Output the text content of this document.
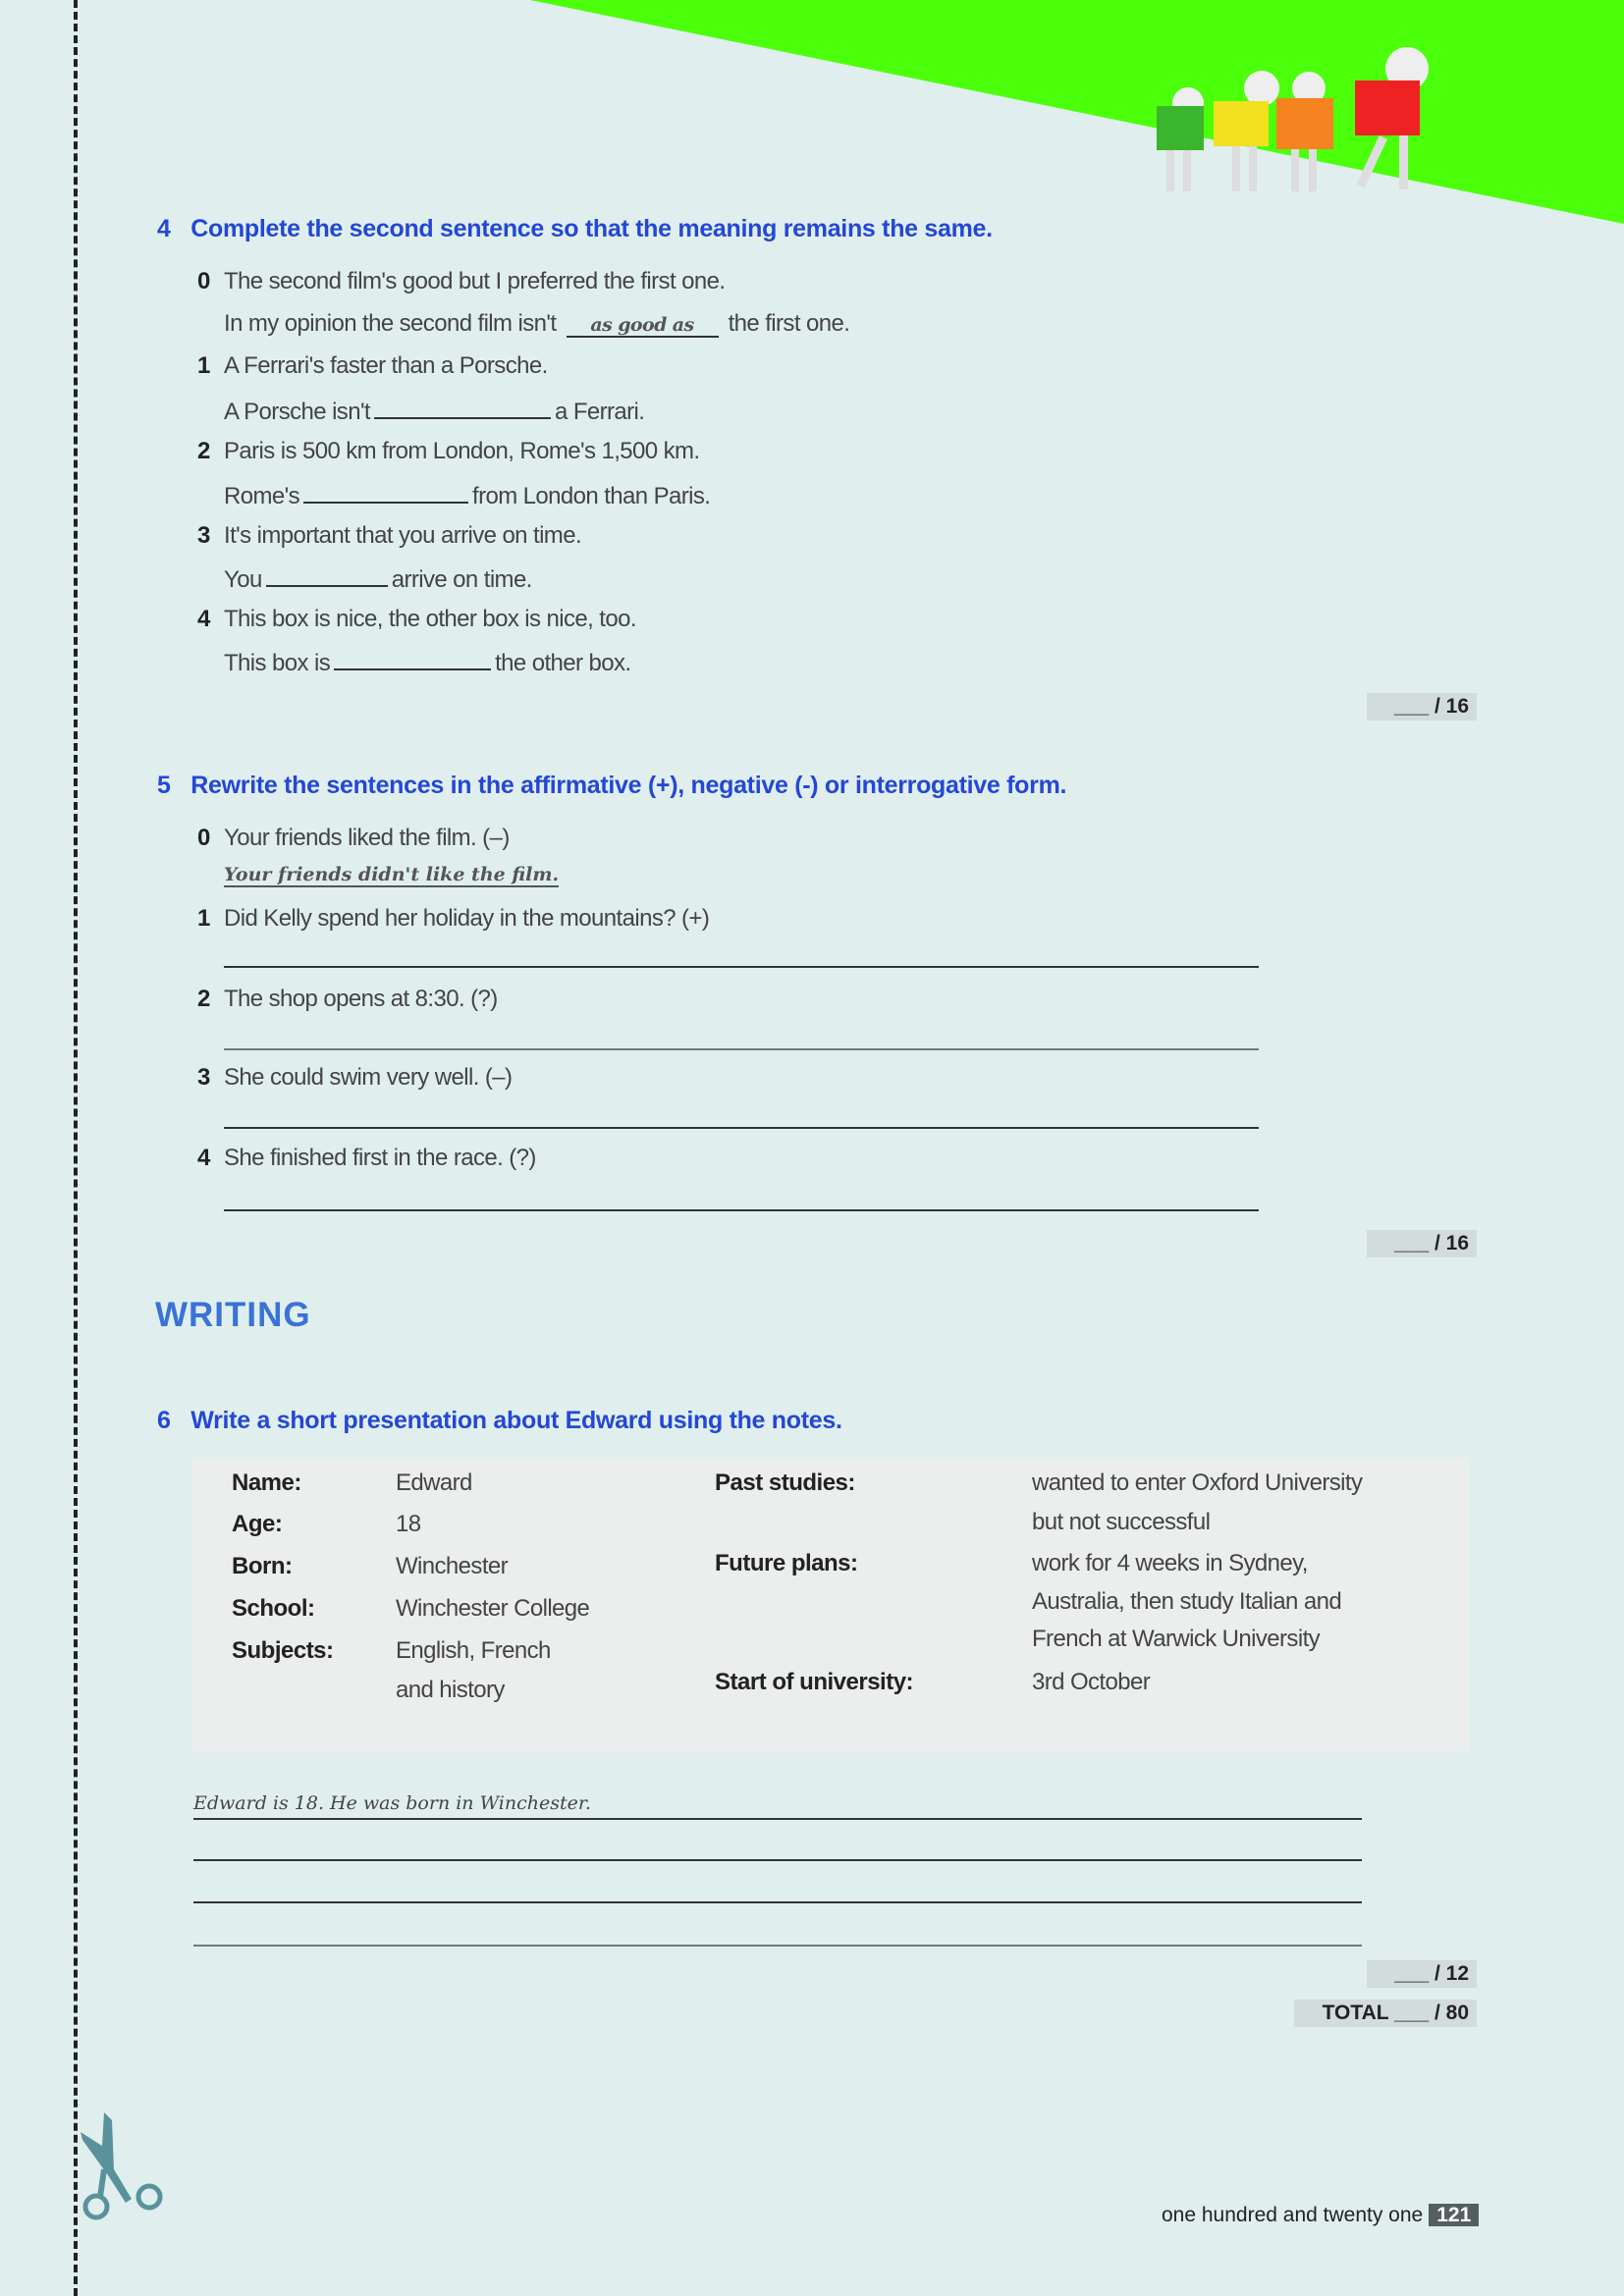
4 Complete the second sentence so that the meaning remains the same.
0 The second film's good but I preferred the first one.
In my opinion the second film isn't as good as the first one.
1 A Ferrari's faster than a Porsche.
A Porsche isn't	a Ferrari.
2 Paris is 500 km from London, Rome's 1,500 km.
Rome's	from London than Paris.
3 It's important that you arrive on time.
You	arrive on time.
4 This box is nice, the other box is nice, too.
This box is	the other box.
___ / 16
5 Rewrite the sentences in the affirmative (+), negative (-) or interrogative form.
0 Your friends liked the film. (–)
Your friends didn't like the film.
1 Did Kelly spend her holiday in the mountains? (+)
2 The shop opens at 8:30. (?)
3 She could swim very well. (–)
4 She finished first in the race. (?)
___ / 16
WRITING
6 Write a short presentation about Edward using the notes.
Name:	Edward
Age:	18
Born:	Winchester
School:	Winchester College
Subjects:	English, French
and history
Past studies:	wanted to enter Oxford University
but not successful
Future plans:	work for 4 weeks in Sydney,
Australia, then study Italian and
French at Warwick University
Start of university:	3rd October
Edward is 18. He was born in Winchester.
___ / 12
TOTAL ___ / 80
one hundred and twenty one 121
